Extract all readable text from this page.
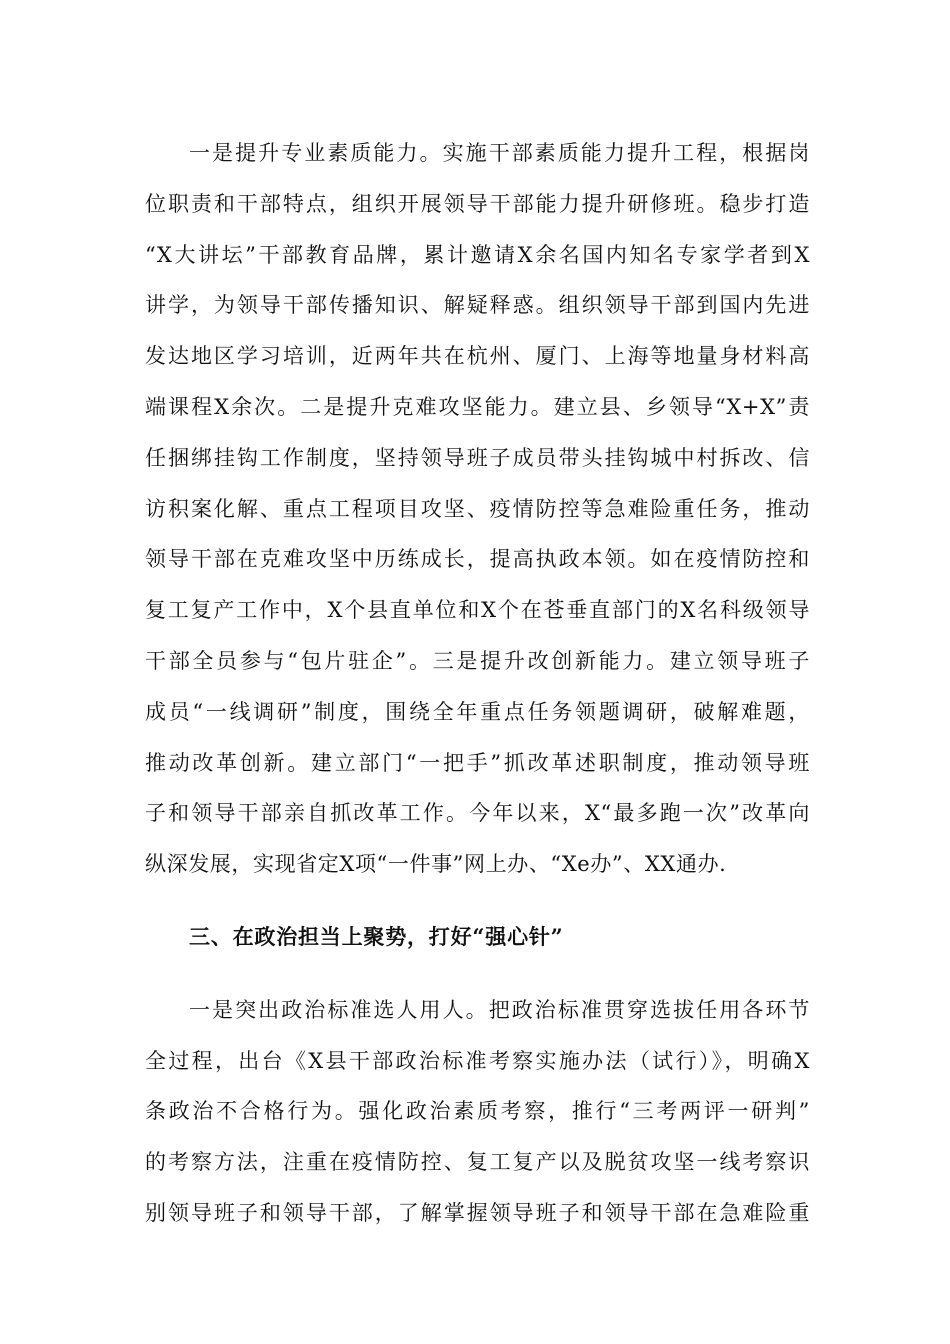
一是提升专业素质能力。实施干部素质能力提升工程，根据岗
位职责和干部特点，组织开展领导干部能力提升研修班。稳步打造
“X大讲坛”干部教育品牌，累计邀请X余名国内知名专家学者到X
讲学，为领导干部传播知识、解疑释惑。组织领导干部到国内先进
发达地区学习培训，近两年共在杭州、厦门、上海等地量身材料高
端课程X余次。二是提升克难攻坚能力。建立县、乡领导“X+X”责
任捆绑挂钩工作制度，坚持领导班子成员带头挂钩城中村拆改、信
访积案化解、重点工程项目攻坚、疫情防控等急难险重任务，推动
领导干部在克难攻坚中历练成长，提高执政本领。如在疫情防控和
复工复产工作中，X个县直单位和X个在苍垂直部门的X名科级领导
干部全员参与“包片驻企”。三是提升改创新能力。建立领导班子
成员“一线调研”制度，围绕全年重点任务领题调研，破解难题，
推动改革创新。建立部门“一把手”抓改革述职制度，推动领导班
子和领导干部亲自抓改革工作。今年以来，X“最多跑一次”改革向
纵深发展，实现省定X项“一件事”网上办、“Xe办”、XX通办.
三、在政治担当上聚势，打好“强心针”
一是突出政治标准选人用人。把政治标准贯穿选拔任用各环节
全过程，出台《X县干部政治标准考察实施办法（试行）》，明确X
条政治不合格行为。强化政治素质考察，推行“三考两评一研判”
的考察方法，注重在疫情防控、复工复产以及脱贫攻坚一线考察识
别领导班子和领导干部，了解掌握领导班子和领导干部在急难险重
